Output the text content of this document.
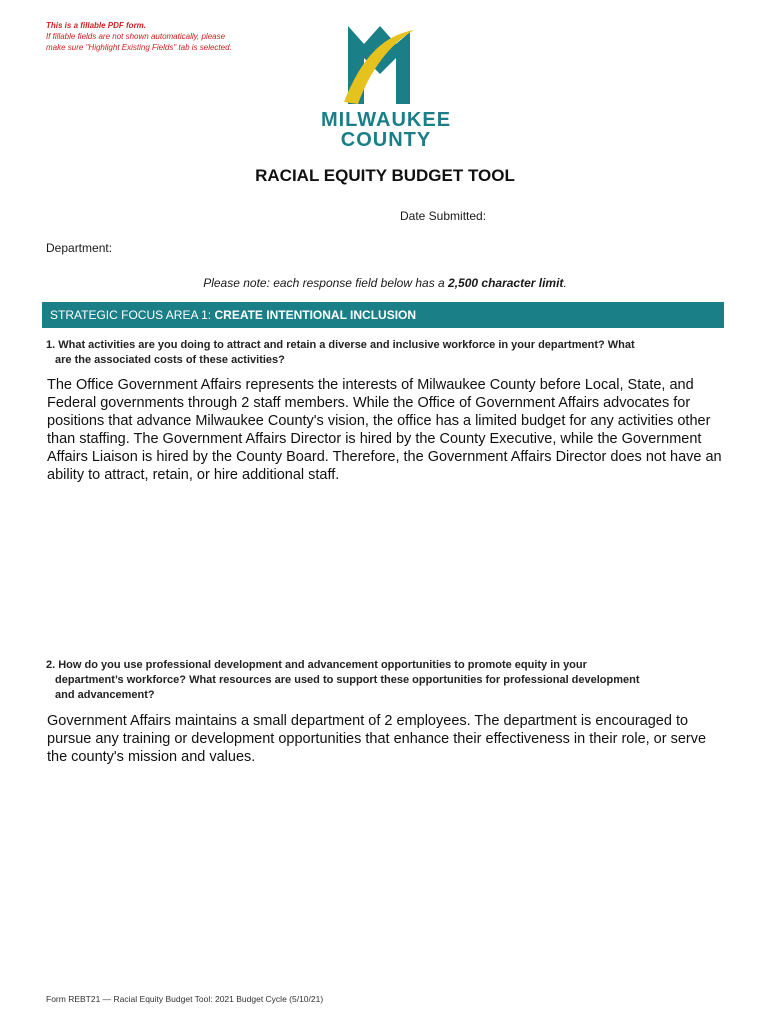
This is a fillable PDF form.
If fillable fields are not shown automatically, please
make sure "Highlight Existing Fields" tab is selected.
MILWAUKEE
COUNTY
RACIAL EQUITY BUDGET TOOL
Date Submitted:
Department:
Please note: each response field below has a 2,500 character limit.
STRATEGIC FOCUS AREA 1: CREATE INTENTIONAL INCLUSION
1. What activities are you doing to attract and retain a diverse and inclusive workforce in your department? What
are the associated costs of these activities?
The Office Government Affairs represents the interests of Milwaukee County before Local, State, and Federal governments through 2 staff members. While the Office of Government Affairs advocates for positions that advance Milwaukee County's vision, the office has a limited budget for any activities other than staffing. The Government Affairs Director is hired by the County Executive, while the Government Affairs Liaison is hired by the County Board. Therefore, the Government Affairs Director does not have an ability to attract, retain, or hire additional staff.
2. How do you use professional development and advancement opportunities to promote equity in your
department’s workforce? What resources are used to support these opportunities for professional development
and advancement?
Government Affairs maintains a small department of 2 employees. The department is encouraged to pursue any training or development opportunities that enhance their effectiveness in their role, or serve the county's mission and values.
Form REBT21 — Racial Equity Budget Tool: 2021 Budget Cycle (5/10/21)
